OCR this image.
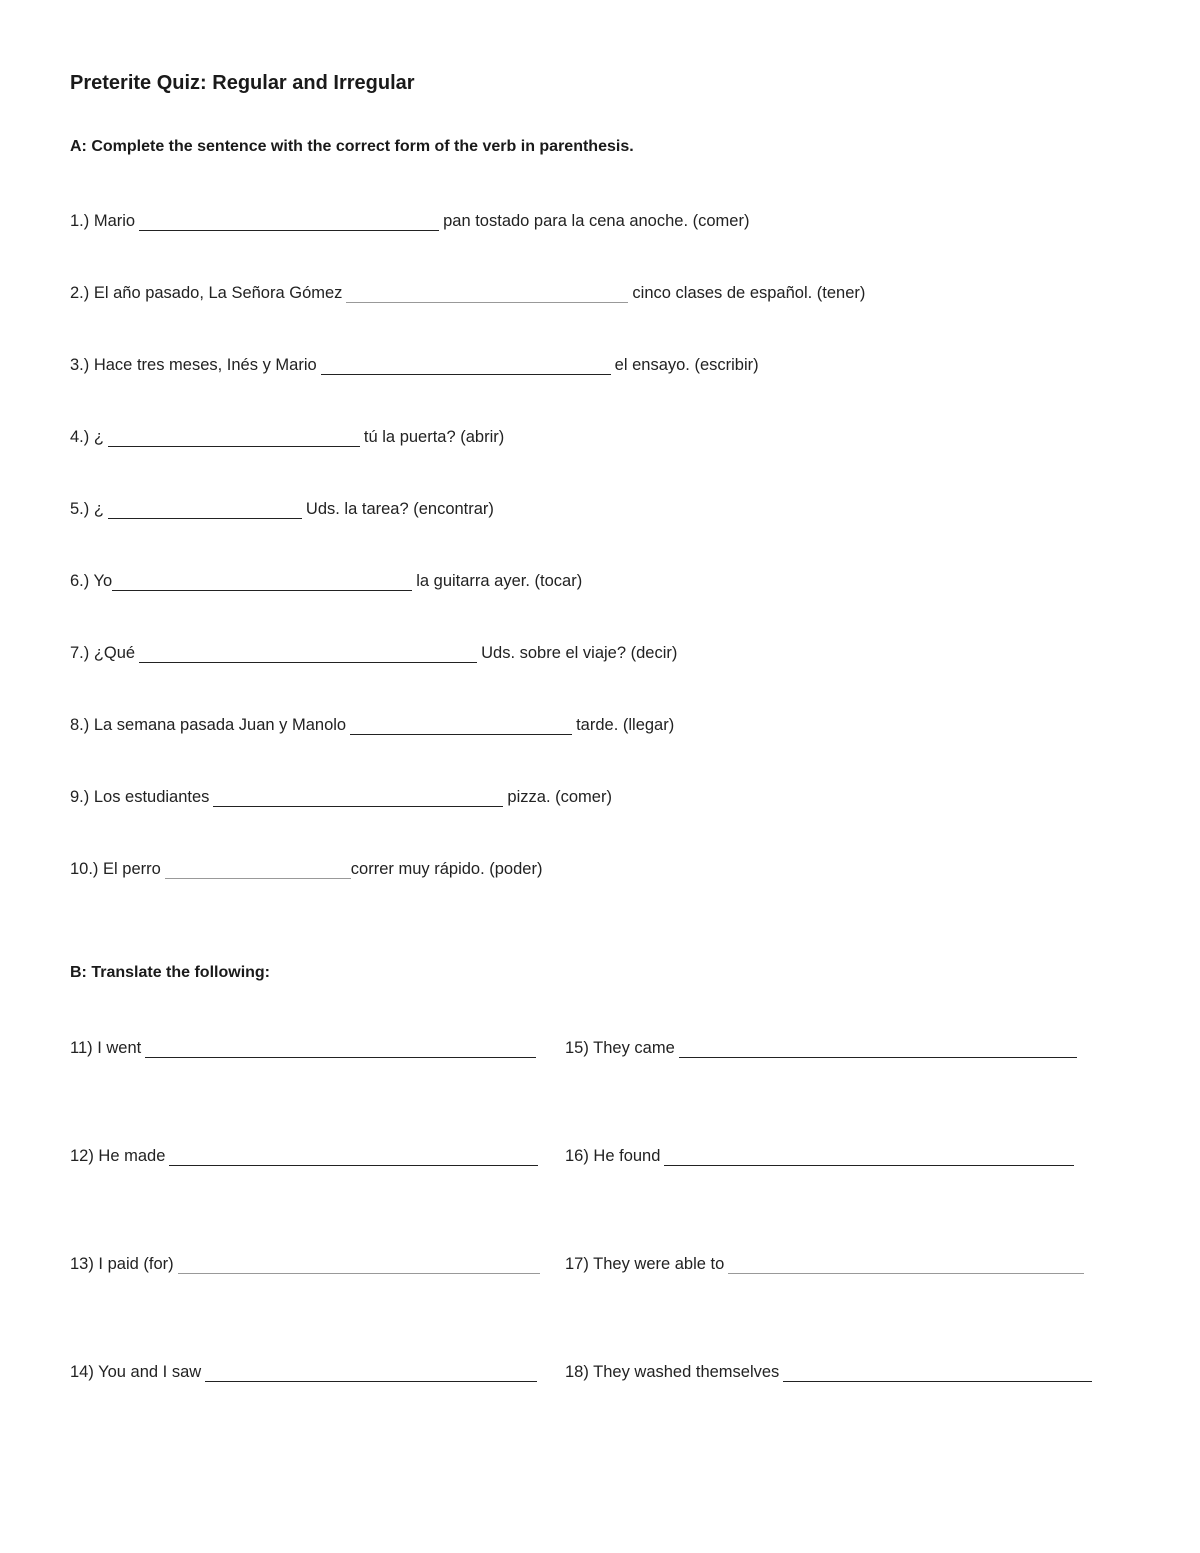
Preterite Quiz: Regular and Irregular

A: Complete the sentence with the correct form of the verb in parenthesis.

1.) Mario	pan tostado para la cena anoche. (comer)
2.) El año pasado, La Señora Gómez	cinco clases de español. (tener)
3.) Hace tres meses, Inés y Mario	el ensayo. (escribir)
4.) ¿	tú la puerta? (abrir)
5.) ¿	Uds. la tarea? (encontrar)
6.) Yo	la guitarra ayer. (tocar)
7.) ¿Qué	Uds. sobre el viaje? (decir)
8.) La semana pasada Juan y Manolo	tarde. (llegar)
9.) Los estudiantes	pizza. (comer)
10.) El perro	correr muy rápido. (poder)

B: Translate the following:

11) I went
12) He made
13) I paid (for)
14) You and I saw
15) They came
16) He found
17) They were able to
18) They washed themselves
